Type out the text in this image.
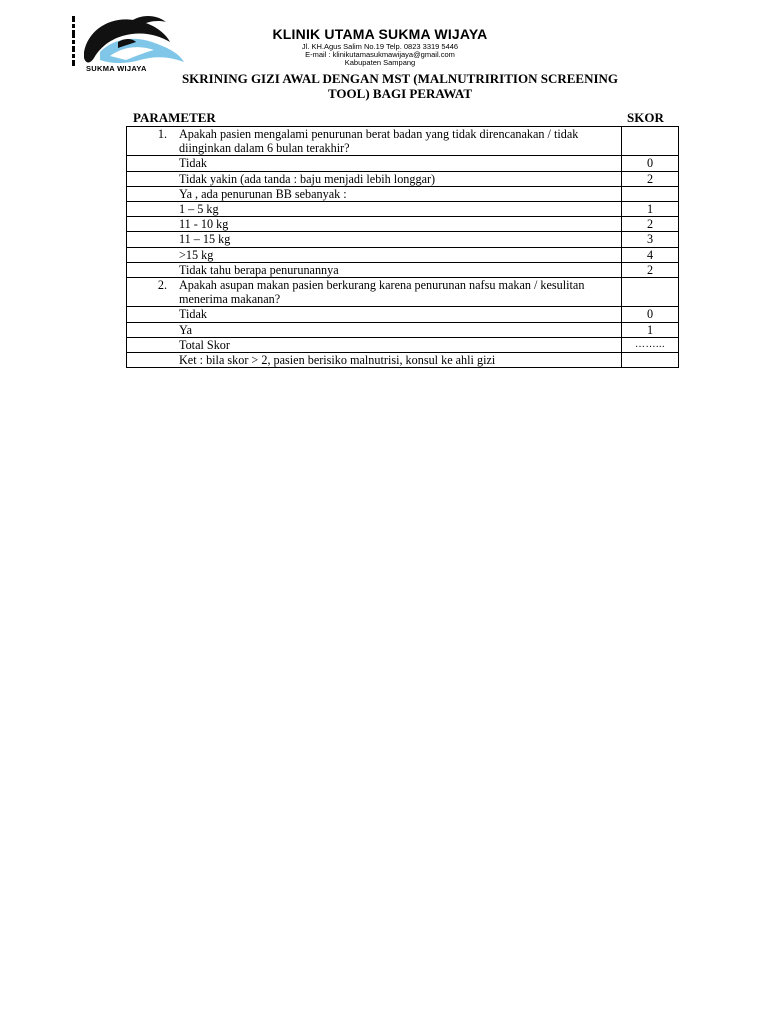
SUKMA WIJAYA
KLINIK UTAMA SUKMA WIJAYA
Jl. KH.Agus Salim No.19 Telp. 0823 3319 5446
E-mail : klinikutamasukmawijaya@gmail.com
Kabupaten Sampang
SKRINING GIZI AWAL DENGAN MST (MALNUTRIRITION SCREENING
TOOL) BAGI PERAWAT
PARAMETER	SKOR
1.	Apakah pasien mengalami penurunan berat badan yang tidak direncanakan / tidak diinginkan dalam 6 bulan terakhir?	
	Tidak	0
	Tidak yakin (ada tanda : baju menjadi lebih longgar)	2
	Ya , ada penurunan BB sebanyak :	
	1 – 5 kg	1
	11 - 10 kg	2
	11 – 15 kg	3
	>15 kg	4
	Tidak tahu berapa penurunannya	2
2.	Apakah asupan makan pasien berkurang karena penurunan nafsu makan / kesulitan menerima makanan?	
	Tidak	0
	Ya	1
	Total Skor	……...
	Ket : bila skor > 2, pasien berisiko malnutrisi, konsul ke ahli gizi	
